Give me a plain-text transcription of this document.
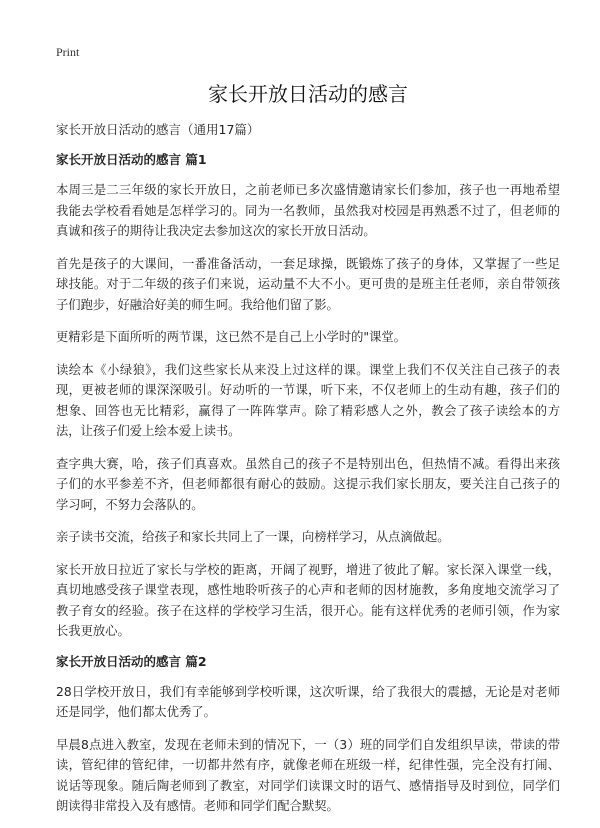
Print

家长开放日活动的感言

家长开放日活动的感言（通用17篇）

家长开放日活动的感言 篇1

本周三是二三年级的家长开放日，之前老师已多次盛情邀请家长们参加，孩子也一再地希望我能去学校看看她是怎样学习的。同为一名教师，虽然我对校园是再熟悉不过了，但老师的真诚和孩子的期待让我决定去参加这次的家长开放日活动。

首先是孩子的大课间，一番准备活动，一套足球操，既锻炼了孩子的身体，又掌握了一些足球技能。对于二年级的孩子们来说，运动量不大不小。更可贵的是班主任老师，亲自带领孩子们跑步，好融洽好美的师生呵。我给他们留了影。

更精彩是下面所听的两节课，这已然不是自己上小学时的"课堂。

读绘本《小绿狼》，我们这些家长从来没上过这样的课。课堂上我们不仅关注自己孩子的表现，更被老师的课深深吸引。好动听的一节课，听下来，不仅老师上的生动有趣，孩子们的想象、回答也无比精彩，赢得了一阵阵掌声。除了精彩感人之外，教会了孩子读绘本的方法，让孩子们爱上绘本爱上读书。

查字典大赛，哈，孩子们真喜欢。虽然自己的孩子不是特别出色，但热情不减。看得出来孩子们的水平参差不齐，但老师都很有耐心的鼓励。这提示我们家长朋友，要关注自己孩子的学习呵，不努力会落队的。

亲子读书交流，给孩子和家长共同上了一课，向榜样学习，从点滴做起。

家长开放日拉近了家长与学校的距离，开阔了视野，增进了彼此了解。家长深入课堂一线，真切地感受孩子课堂表现，感性地聆听孩子的心声和老师的因材施教，多角度地交流学习了教子育女的经验。孩子在这样的学校学习生活，很开心。能有这样优秀的老师引领，作为家长我更放心。

家长开放日活动的感言 篇2

28日学校开放日，我们有幸能够到学校听课，这次听课，给了我很大的震撼，无论是对老师还是同学，他们都太优秀了。

早晨8点进入教室，发现在老师未到的情况下，一（3）班的同学们自发组织早读，带读的带读，管纪律的管纪律，一切都井然有序，就像老师在班级一样，纪律性强，完全没有打闹、说话等现象。随后陶老师到了教室，对同学们读课文时的语气、感情指导及时到位，同学们朗读得非常投入及有感情。老师和同学们配合默契。
